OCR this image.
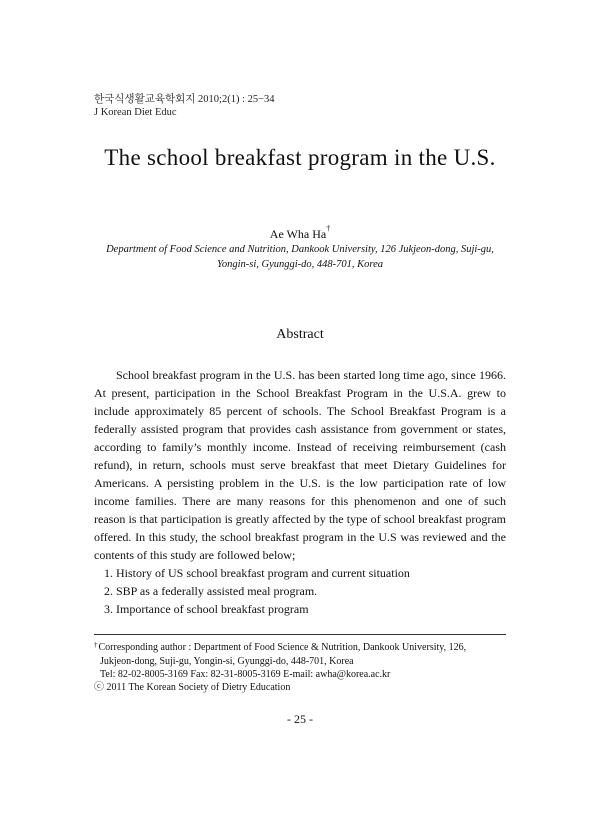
한국식생활교육학회지 2010;2(1) : 25−34
J Korean Diet Educ
The school breakfast program in the U.S.
Ae Wha Ha†
Department of Food Science and Nutrition, Dankook University, 126 Jukjeon-dong, Suji-gu, Yongin-si, Gyunggi-do, 448-701, Korea
Abstract

School breakfast program in the U.S. has been started long time ago, since 1966. At present, participation in the School Breakfast Program in the U.S.A. grew to include approximately 85 percent of schools. The School Breakfast Program is a federally assisted program that provides cash assistance from government or states, according to family’s monthly income. Instead of receiving reimbursement (cash refund), in return, schools must serve breakfast that meet Dietary Guidelines for Americans. A persisting problem in the U.S. is the low participation rate of low income families. There are many reasons for this phenomenon and one of such reason is that participation is greatly affected by the type of school breakfast program offered. In this study, the school breakfast program in the U.S was reviewed and the contents of this study are followed below;

1. History of US school breakfast program and current situation
2. SBP as a federally assisted meal program.
3. Importance of school breakfast program
†Corresponding author : Department of Food Science & Nutrition, Dankook University, 126,
Jukjeon-dong, Suji-gu, Yongin-si, Gyunggi-do, 448-701, Korea
Tel: 82-02-8005-3169 Fax: 82-31-8005-3169 E-mail: awha@korea.ac.kr
ⓒ 2011 The Korean Society of Dietry Education
- 25 -
